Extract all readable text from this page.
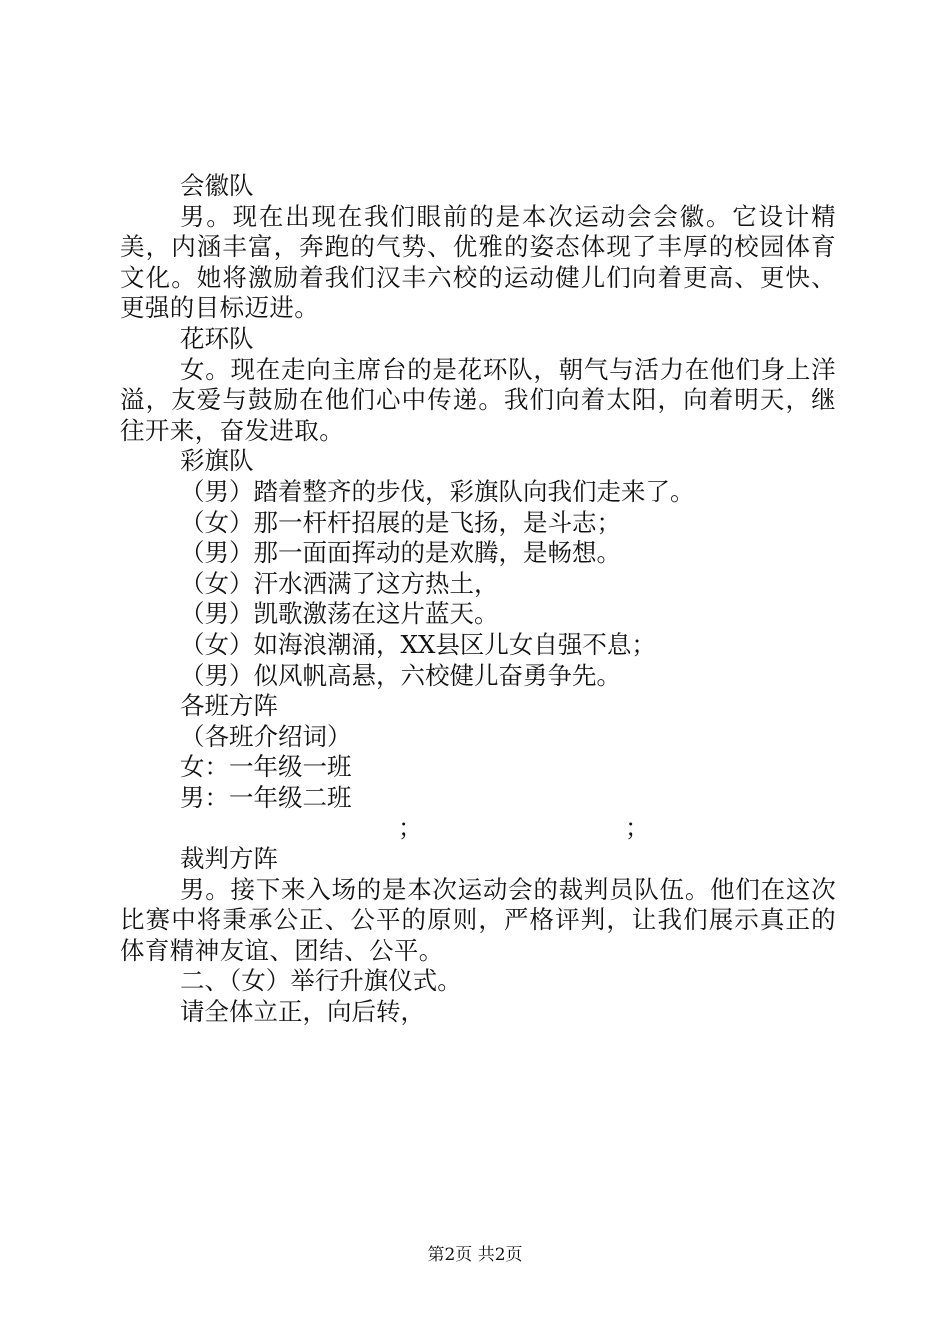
会徽队

男。现在出现在我们眼前的是本次运动会会徽。它设计精美，内涵丰富，奔跑的气势、优雅的姿态体现了丰厚的校园体育文化。她将激励着我们汉丰六校的运动健儿们向着更高、更快、更强的目标迈进。

花环队

女。现在走向主席台的是花环队，朝气与活力在他们身上洋溢，友爱与鼓励在他们心中传递。我们向着太阳，向着明天，继往开来，奋发进取。

彩旗队

（男）踏着整齐的步伐，彩旗队向我们走来了。

（女）那一杆杆招展的是飞扬，是斗志；

（男）那一面面挥动的是欢腾，是畅想。

（女）汗水洒满了这方热土，

（男）凯歌激荡在这片蓝天。

（女）如海浪潮涌，XX县区儿女自强不息；

（男）似风帆高悬，六校健儿奋勇争先。

各班方阵

（各班介绍词）

女：一年级一班

男：一年级二班

；	；

裁判方阵

男。接下来入场的是本次运动会的裁判员队伍。他们在这次比赛中将秉承公正、公平的原则，严格评判，让我们展示真正的体育精神友谊、团结、公平。

二、（女）举行升旗仪式。

请全体立正，向后转，

第2页 共2页
